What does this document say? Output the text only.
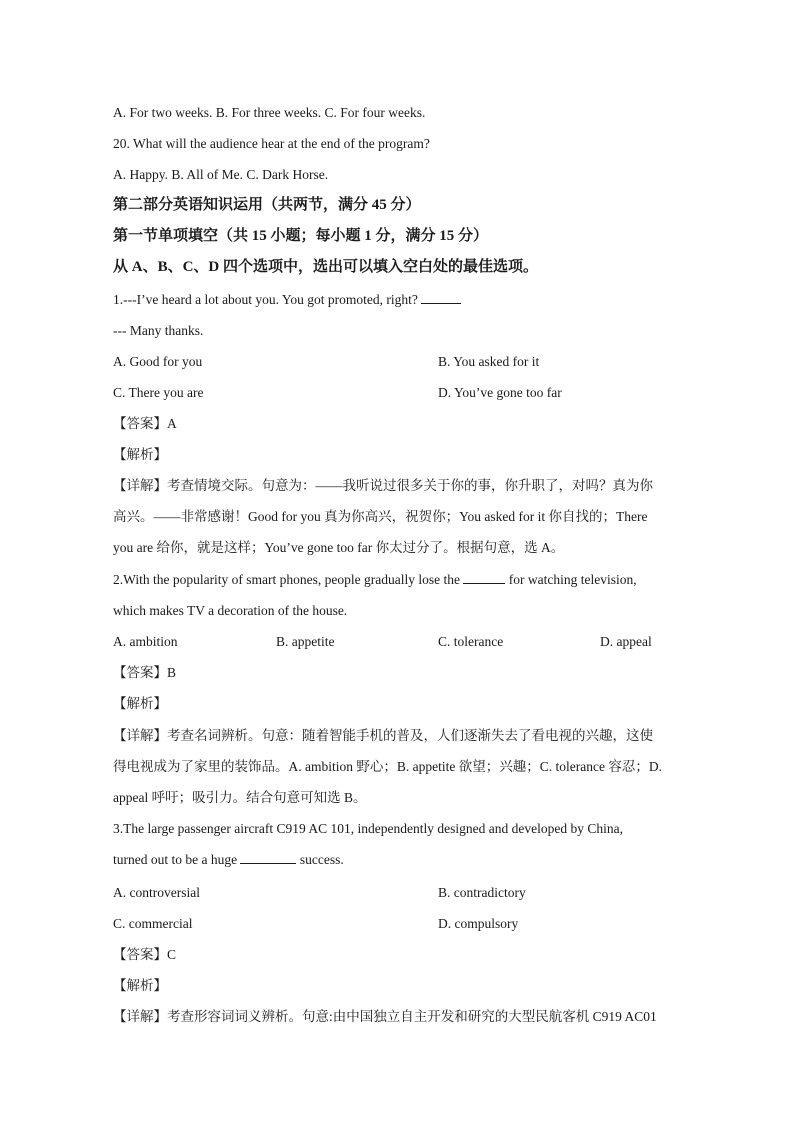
A. For two weeks. B. For three weeks. C. For four weeks.
20. What will the audience hear at the end of the program?
A. Happy. B. All of Me. C. Dark Horse.
第二部分英语知识运用（共两节，满分 45 分）
第一节单项填空（共 15 小题；每小题 1 分，满分 15 分）
从 A、B、C、D 四个选项中，选出可以填入空白处的最佳选项。
1.---I’ve heard a lot about you. You got promoted, right?
--- Many thanks.
A. Good for you	B. You asked for it
C. There you are	D. You’ve gone too far
【答案】A
【解析】
【详解】考查情境交际。句意为：——我听说过很多关于你的事，你升职了，对吗？真为你
高兴。——非常感谢！Good for you 真为你高兴，祝贺你；You asked for it 你自找的；There
you are 给你，就是这样；You’ve gone too far 你太过分了。根据句意，选 A。
2.With the popularity of smart phones, people gradually lose the	for watching television,
which makes TV a decoration of the house.
A. ambition	B. appetite	C. tolerance	D. appeal
【答案】B
【解析】
【详解】考查名词辨析。句意：随着智能手机的普及，人们逐渐失去了看电视的兴趣，这使
得电视成为了家里的装饰品。A. ambition 野心；B. appetite 欲望；兴趣；C. tolerance 容忍；D.
appeal 呼吁；吸引力。结合句意可知选 B。
3.The large passenger aircraft C919 AC 101, independently designed and developed by China,
turned out to be a huge	success.
A. controversial	B. contradictory
C. commercial	D. compulsory
【答案】C
【解析】
【详解】考查形容词词义辨析。句意:由中国独立自主开发和研究的大型民航客机 C919 AC01
